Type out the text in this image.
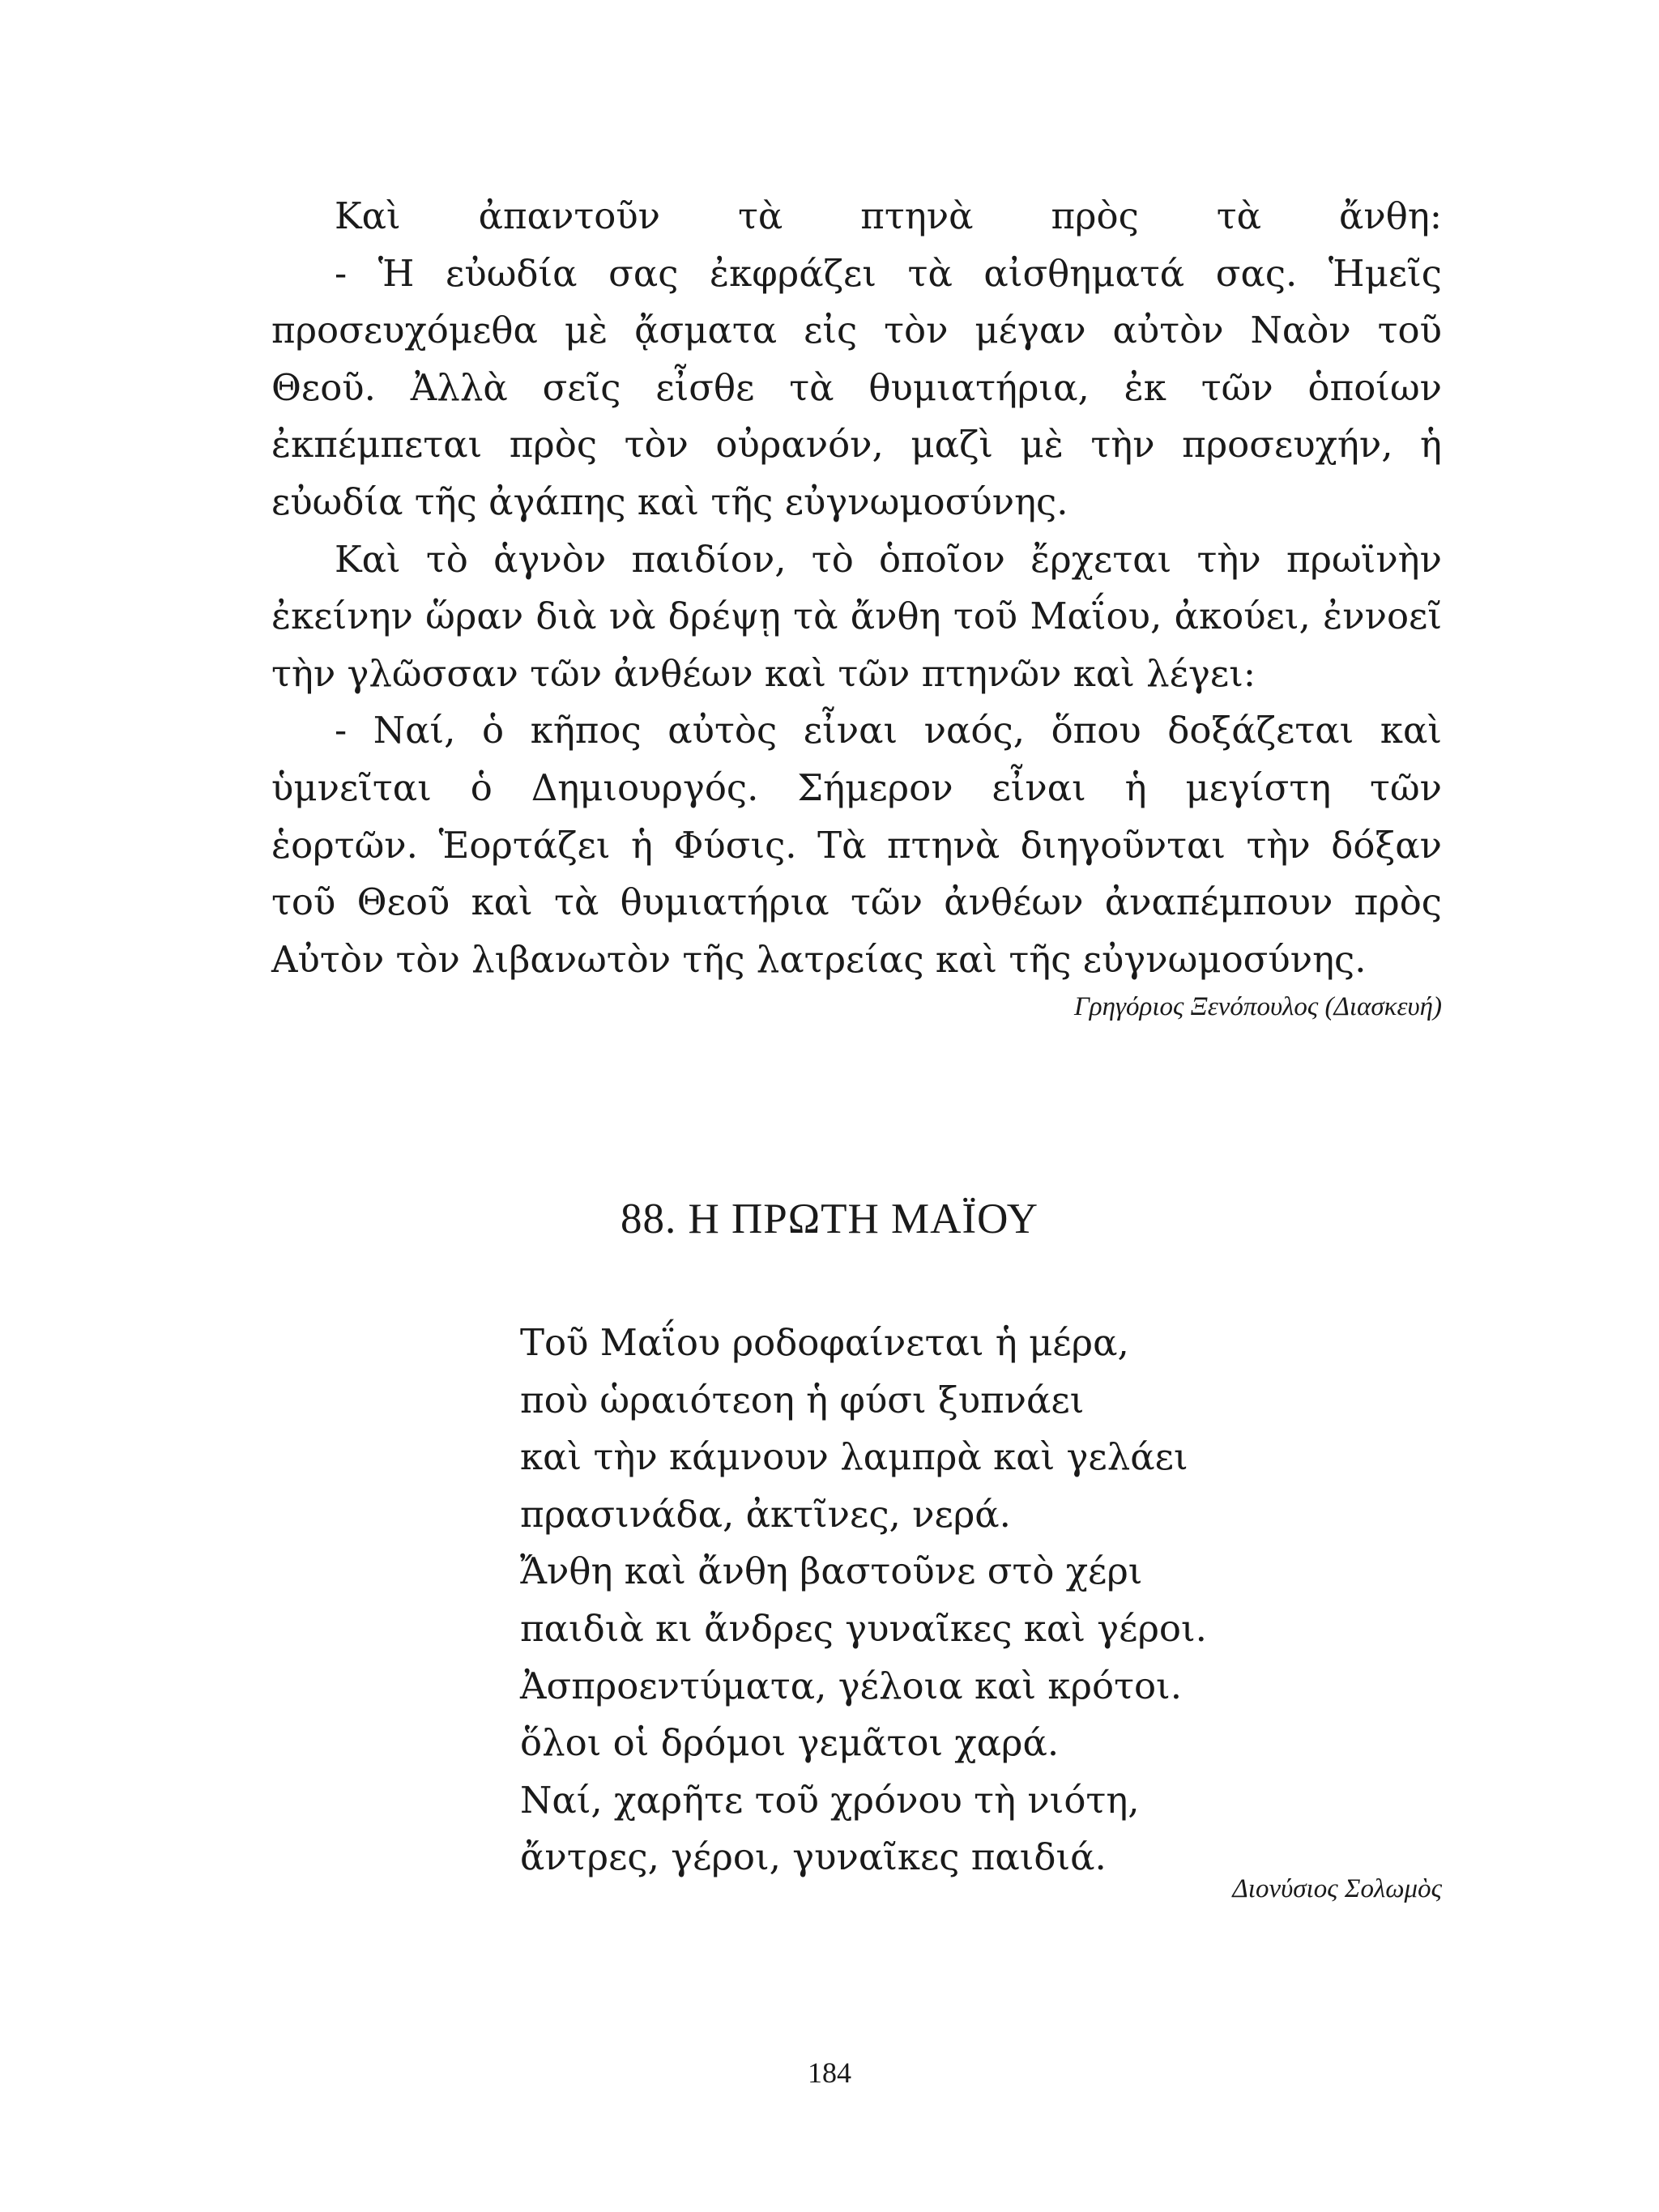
Καὶ ἀπαντοῦν τὰ πτηνὰ πρὸς τὰ ἄνθη:
- Ἡ εὐωδία σας ἐκφράζει τὰ αἰσθηματά σας. Ἡμεῖς
προσευχόμεθα μὲ ᾄσματα εἰς τὸν μέγαν αὐτὸν Ναὸν τοῦ
Θεοῦ. Ἀλλὰ σεῖς εἶσθε τὰ θυμιατήρια, ἐκ τῶν ὁποίων
ἐκπέμπεται πρὸς τὸν οὐρανόν, μαζὶ μὲ τὴν προσευχήν, ἡ
εὐωδία τῆς ἀγάπης καὶ τῆς εὐγνωμοσύνης.
Καὶ τὸ ἁγνὸν παιδίον, τὸ ὁποῖον ἔρχεται τὴν πρωϊνὴν
ἐκείνην ὥραν διὰ νὰ δρέψῃ τὰ ἄνθη τοῦ Μαΐου, ἀκούει, ἐννοεῖ
τὴν γλῶσσαν τῶν ἀνθέων καὶ τῶν πτηνῶν καὶ λέγει:
- Ναί, ὁ κῆπος αὐτὸς εἶναι ναός, ὅπου δοξάζεται καὶ
ὑμνεῖται ὁ Δημιουργός. Σήμερον εἶναι ἡ μεγίστη τῶν
ἑορτῶν. Ἑορτάζει ἡ Φύσις. Τὰ πτηνὰ διηγοῦνται τὴν δόξαν
τοῦ Θεοῦ καὶ τὰ θυμιατήρια τῶν ἀνθέων ἀναπέμπουν πρὸς
Αὐτὸν τὸν λιβανωτὸν τῆς λατρείας καὶ τῆς εὐγνωμοσύνης.
Γρηγόριος Ξενόπουλος (Διασκευή)
88. Η ΠΡΩΤΗ ΜΑΪΟΥ
Τοῦ Μαΐου ροδοφαίνεται ἡ μέρα,
ποὺ ὡραιότεοη ἡ φύσι ξυπνάει
καὶ τὴν κάμνουν λαμπρὰ καὶ γελάει
πρασινάδα, ἀκτῖνες, νερά.
Ἄνθη καὶ ἄνθη βαστοῦνε στὸ χέρι
παιδιὰ κι ἄνδρες γυναῖκες καὶ γέροι.
Ἀσπροεντύματα, γέλοια καὶ κρότοι.
ὅλοι οἱ δρόμοι γεμᾶτοι χαρά.
Ναί, χαρῆτε τοῦ χρόνου τὴ νιότη,
ἄντρες, γέροι, γυναῖκες παιδιά.
Διονύσιος Σολωμὸς
184
